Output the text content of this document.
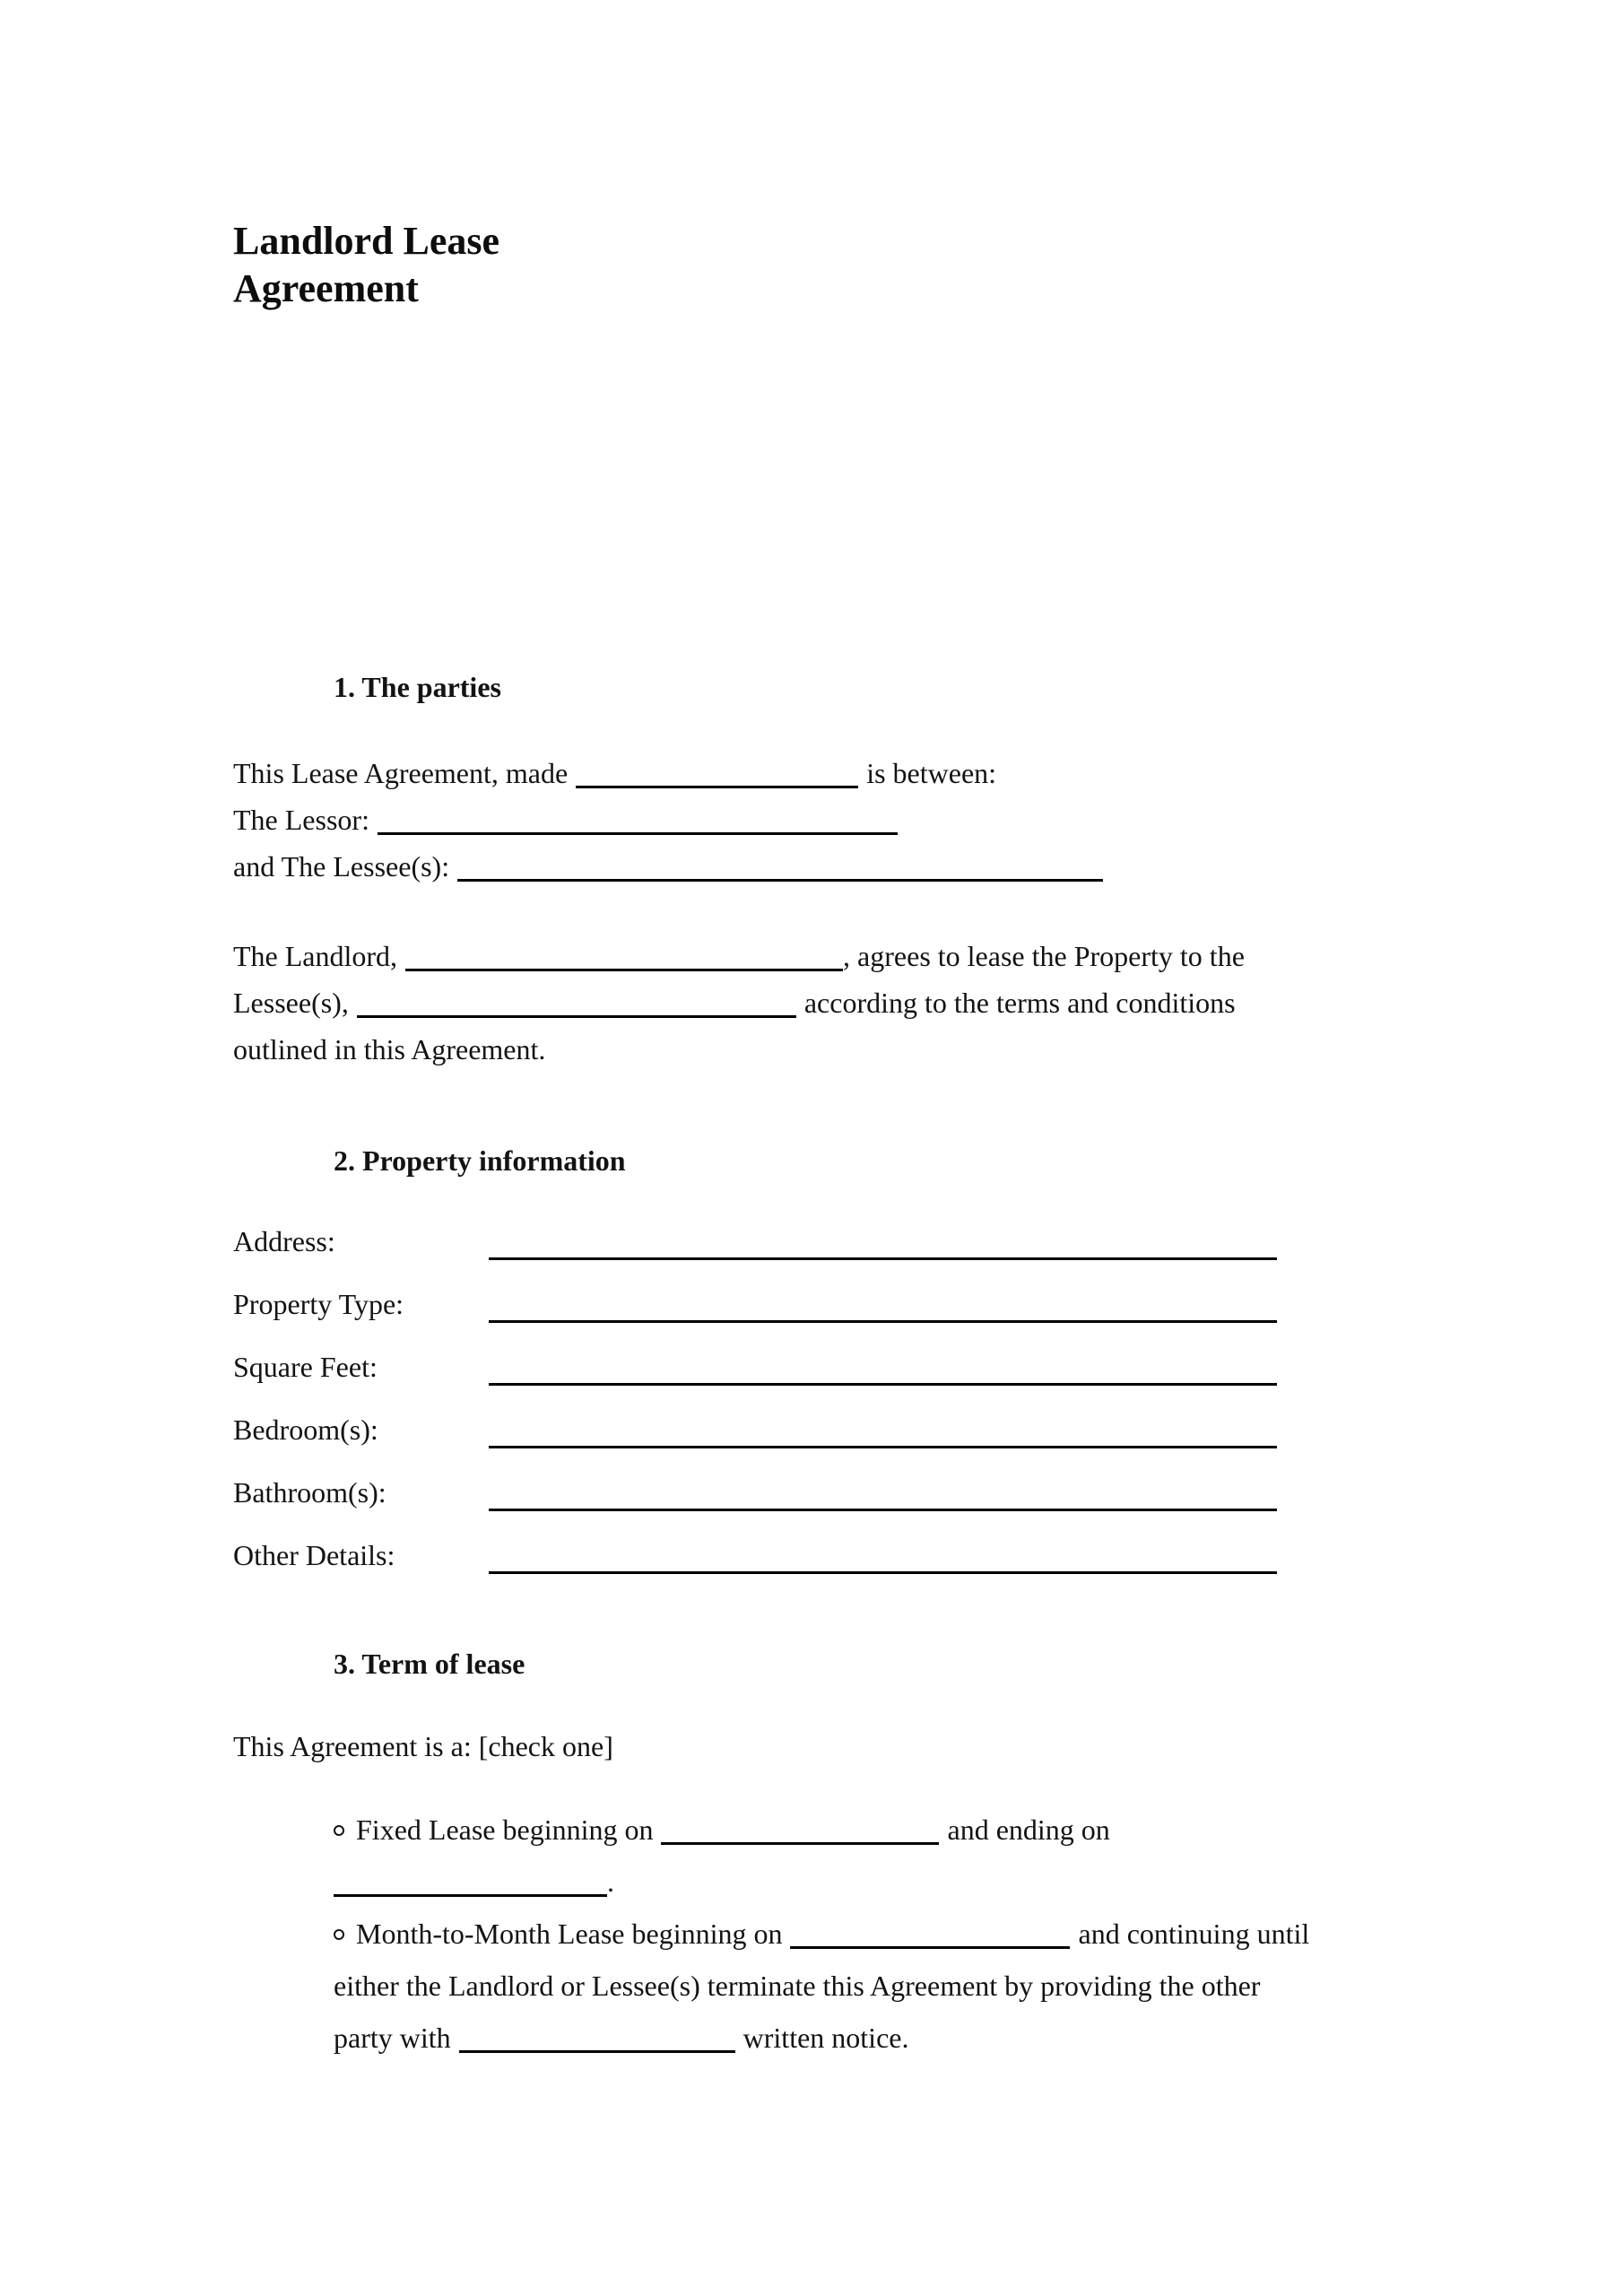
Landlord Lease
Agreement
1. The parties

This Lease Agreement, made	is between:
The Lessor:
and The Lessee(s):

The Landlord,	, agrees to lease the Property to the
Lessee(s),	according to the terms and conditions
outlined in this Agreement.

2. Property information
Address:
Property Type:
Square Feet:
Bedroom(s):
Bathroom(s):
Other Details:
3. Term of lease

This Agreement is a: [check one]

Fixed Lease beginning on	and ending on
.
Month-to-Month Lease beginning on	and continuing until
either the Landlord or Lessee(s) terminate this Agreement by providing the other
party with	written notice.
